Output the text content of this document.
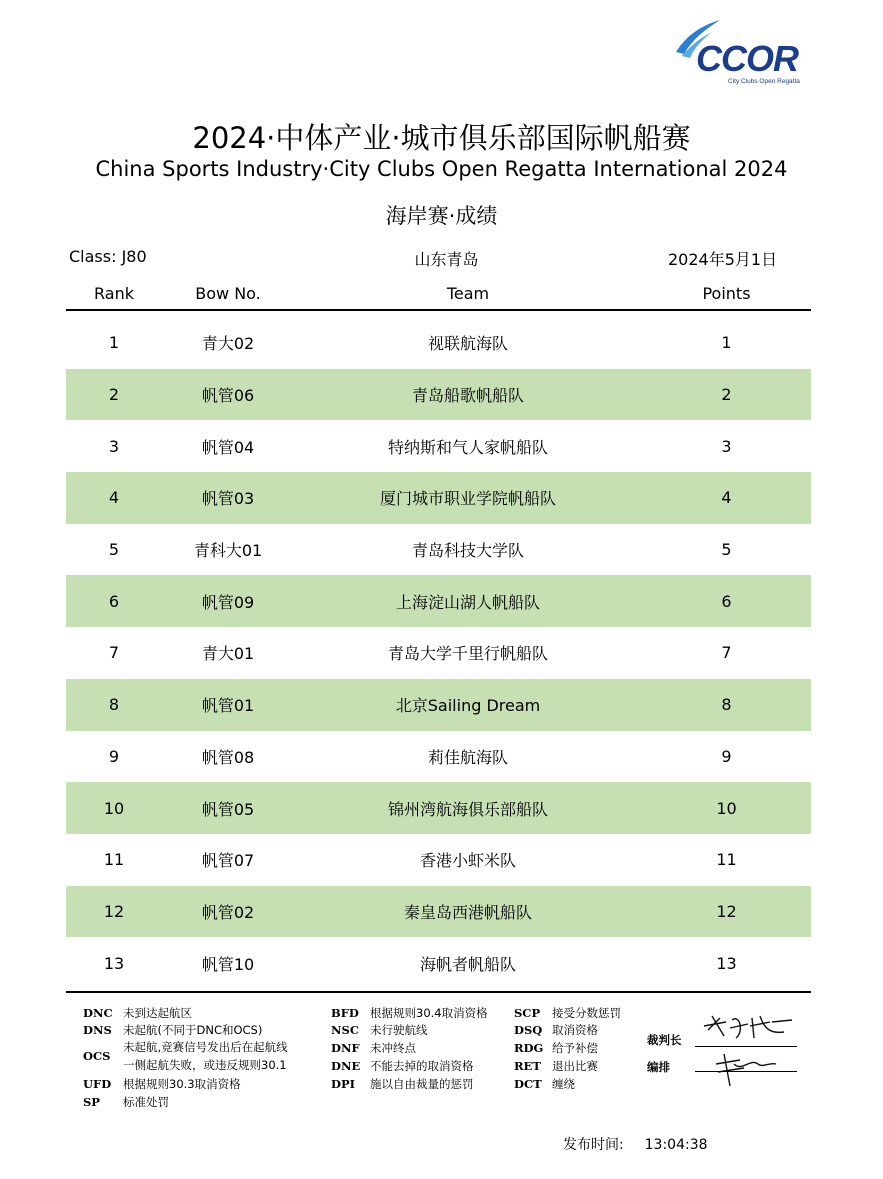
CCOR
City Clubs Open Regatta
2024·中体产业·城市俱乐部国际帆船赛
China Sports Industry·City Clubs Open Regatta International 2024
海岸赛·成绩
Class: J80	山东青岛	2024年5月1日
Rank	Bow No.	Team	Points
1	青大02	视联航海队	1
2	帆管06	青岛船歌帆船队	2
3	帆管04	特纳斯和气人家帆船队	3
4	帆管03	厦门城市职业学院帆船队	4
5	青科大01	青岛科技大学队	5
6	帆管09	上海淀山湖人帆船队	6
7	青大01	青岛大学千里行帆船队	7
8	帆管01	北京Sailing Dream	8
9	帆管08	莉佳航海队	9
10	帆管05	锦州湾航海俱乐部船队	10
11	帆管07	香港小虾米队	11
12	帆管02	秦皇岛西港帆船队	12
13	帆管10	海帆者帆船队	13
DNC 未到达起航区
DNS 未起航(不同于DNC和OCS)
OCS
未起航,竞赛信号发出后在起航线
一侧起航失败，或违反规则30.1
UFD 根据规则30.3取消资格
SP 标准处罚
BFD 根据规则30.4取消资格
NSC 未行驶航线
DNF 未冲终点
DNE 不能去掉的取消资格
DPI 施以自由裁量的惩罚
SCP 接受分数惩罚
DSQ 取消资格
RDG 给予补偿
RET 退出比赛
DCT 缠绕
裁判长
编排
发布时间: 13:04:38
